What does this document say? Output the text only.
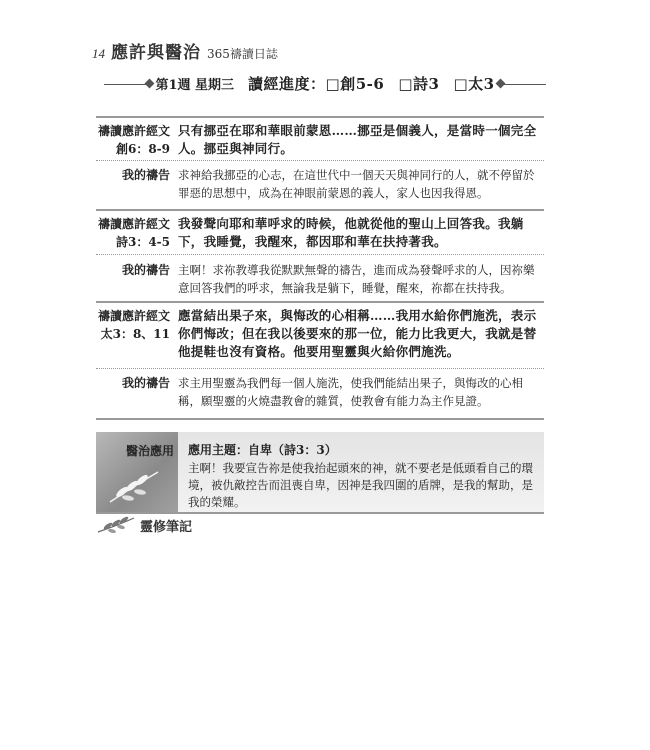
14 應許與醫治 365禱讀日誌
第1週 星期三 讀經進度：□創5-6 □詩3 □太3
禱讀應許經文
創6：8-9
只有挪亞在耶和華眼前蒙恩……挪亞是個義人，是當時一個完全人。挪亞與神同行。
我的禱告 求神給我挪亞的心志，在這世代中一個天天與神同行的人，就不停留於罪惡的思想中，成為在神眼前蒙恩的義人，家人也因我得恩。
禱讀應許經文
詩3：4-5
我發聲向耶和華呼求的時候，他就從他的聖山上回答我。我躺下，我睡覺，我醒來，都因耶和華在扶持著我。
我的禱告 主啊！求祢教導我從默默無聲的禱告，進而成為發聲呼求的人，因祢樂意回答我們的呼求，無論我是躺下，睡覺，醒來，祢都在扶持我。
禱讀應許經文
太3：8、11
應當結出果子來，與悔改的心相稱……我用水給你們施洗，表示你們悔改；但在我以後要來的那一位，能力比我更大，我就是替他提鞋也沒有資格。他要用聖靈與火給你們施洗。
我的禱告 求主用聖靈為我們每一個人施洗，使我們能結出果子，與悔改的心相稱，願聖靈的火燒盡教會的雜質，使教會有能力為主作見證。
醫治應用 應用主題：自卑（詩3：3）
主啊！我要宣告祢是使我抬起頭來的神，就不要老是低頭看自己的環境，被仇敵控告而沮喪自卑，因神是我四圍的盾牌，是我的幫助，是我的榮耀。
靈修筆記
